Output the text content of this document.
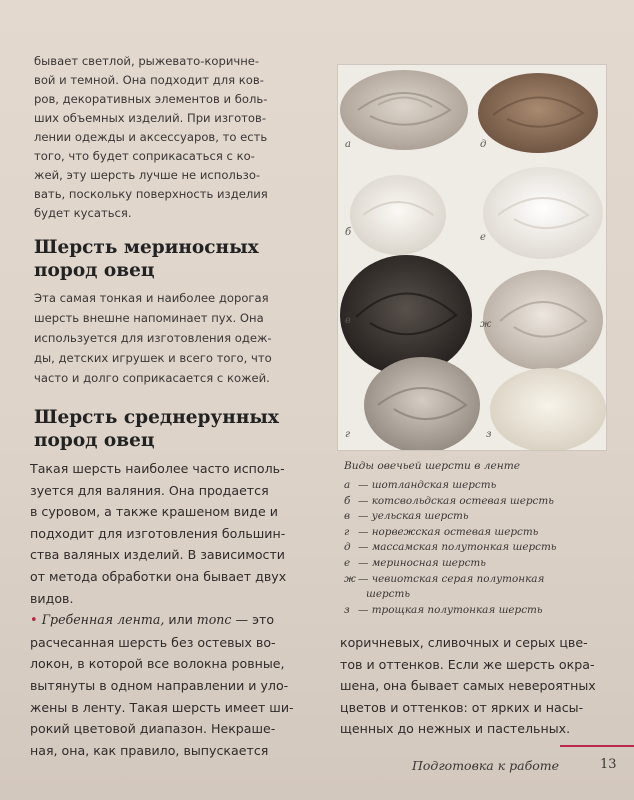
бывает светлой, рыжевато-коричне-
вой и темной. Она подходит для ков-
ров, декоративных элементов и боль-
ших объемных изделий. При изготов-
лении одежды и аксессуаров, то есть
того, что будет соприкасаться с ко-
жей, эту шерсть лучше не использо-
вать, поскольку поверхность изделия
будет кусаться.

Шерсть мериносных
пород овец

Эта самая тонкая и наиболее дорогая
шерсть внешне напоминает пух. Она
используется для изготовления одеж-
ды, детских игрушек и всего того, что
часто и долго соприкасается с кожей.

Шерсть среднерунных
пород овец

Такая шерсть наиболее часто исполь-
зуется для валяния. Она продается
в суровом, а также крашеном виде и
подходит для изготовления большин-
ства валяных изделий. В зависимости
от метода обработки она бывает двух
видов.
• Гребенная лента, или топс — это
расчесанная шерсть без остевых во-
локон, в которой все волокна ровные,
вытянуты в одном направлении и уло-
жены в ленту. Такая шерсть имеет ши-
рокий цветовой диапазон. Некраше-
ная, она, как правило, выпускается

а
б
в
г
д
е
ж
з

Виды овечьей шерсти в ленте

а — шотландская шерсть
б — котсвольдская остевая шерсть
в — уельская шерсть
г — норвежская остевая шерсть
д — массамская полутонкая шерсть
е — мериносная шерсть
ж — чевиотская серая полутонкая
шерсть
з — трощкая полутонкая шерсть

коричневых, сливочных и серых цве-
тов и оттенков. Если же шерсть окра-
шена, она бывает самых невероятных
цветов и оттенков: от ярких и насы-
щенных до нежных и пастельных.

Подготовка к работе	13
